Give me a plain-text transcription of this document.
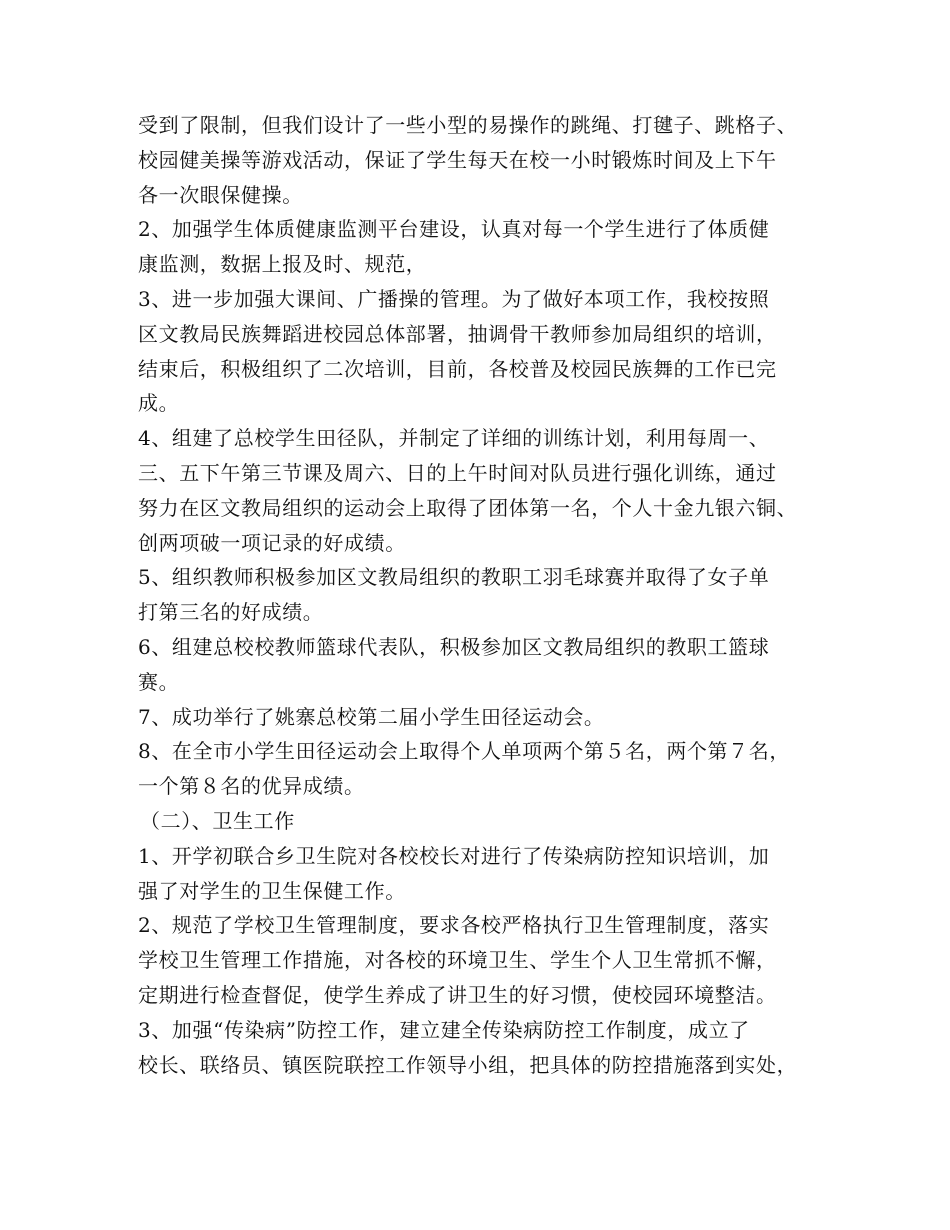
受到了限制，但我们设计了一些小型的易操作的跳绳、打毽子、跳格子、
校园健美操等游戏活动，保证了学生每天在校一小时锻炼时间及上下午
各一次眼保健操。
2、加强学生体质健康监测平台建设，认真对每一个学生进行了体质健
康监测，数据上报及时、规范，
3、进一步加强大课间、广播操的管理。为了做好本项工作，我校按照
区文教局民族舞蹈进校园总体部署，抽调骨干教师参加局组织的培训，
结束后，积极组织了二次培训，目前，各校普及校园民族舞的工作已完
成。
4、组建了总校学生田径队，并制定了详细的训练计划，利用每周一、
三、五下午第三节课及周六、日的上午时间对队员进行强化训练，通过
努力在区文教局组织的运动会上取得了团体第一名，个人十金九银六铜、
创两项破一项记录的好成绩。
5、组织教师积极参加区文教局组织的教职工羽毛球赛并取得了女子单
打第三名的好成绩。
6、组建总校校教师篮球代表队，积极参加区文教局组织的教职工篮球
赛。
7、成功举行了姚寨总校第二届小学生田径运动会。
8、在全市小学生田径运动会上取得个人单项两个第５名，两个第７名，
一个第８名的优异成绩。
（二）、卫生工作
1、开学初联合乡卫生院对各校校长对进行了传染病防控知识培训，加
强了对学生的卫生保健工作。
2、规范了学校卫生管理制度，要求各校严格执行卫生管理制度，落实
学校卫生管理工作措施，对各校的环境卫生、学生个人卫生常抓不懈，
定期进行检查督促，使学生养成了讲卫生的好习惯，使校园环境整洁。
3、加强“传染病”防控工作，建立建全传染病防控工作制度，成立了
校长、联络员、镇医院联控工作领导小组，把具体的防控措施落到实处，
